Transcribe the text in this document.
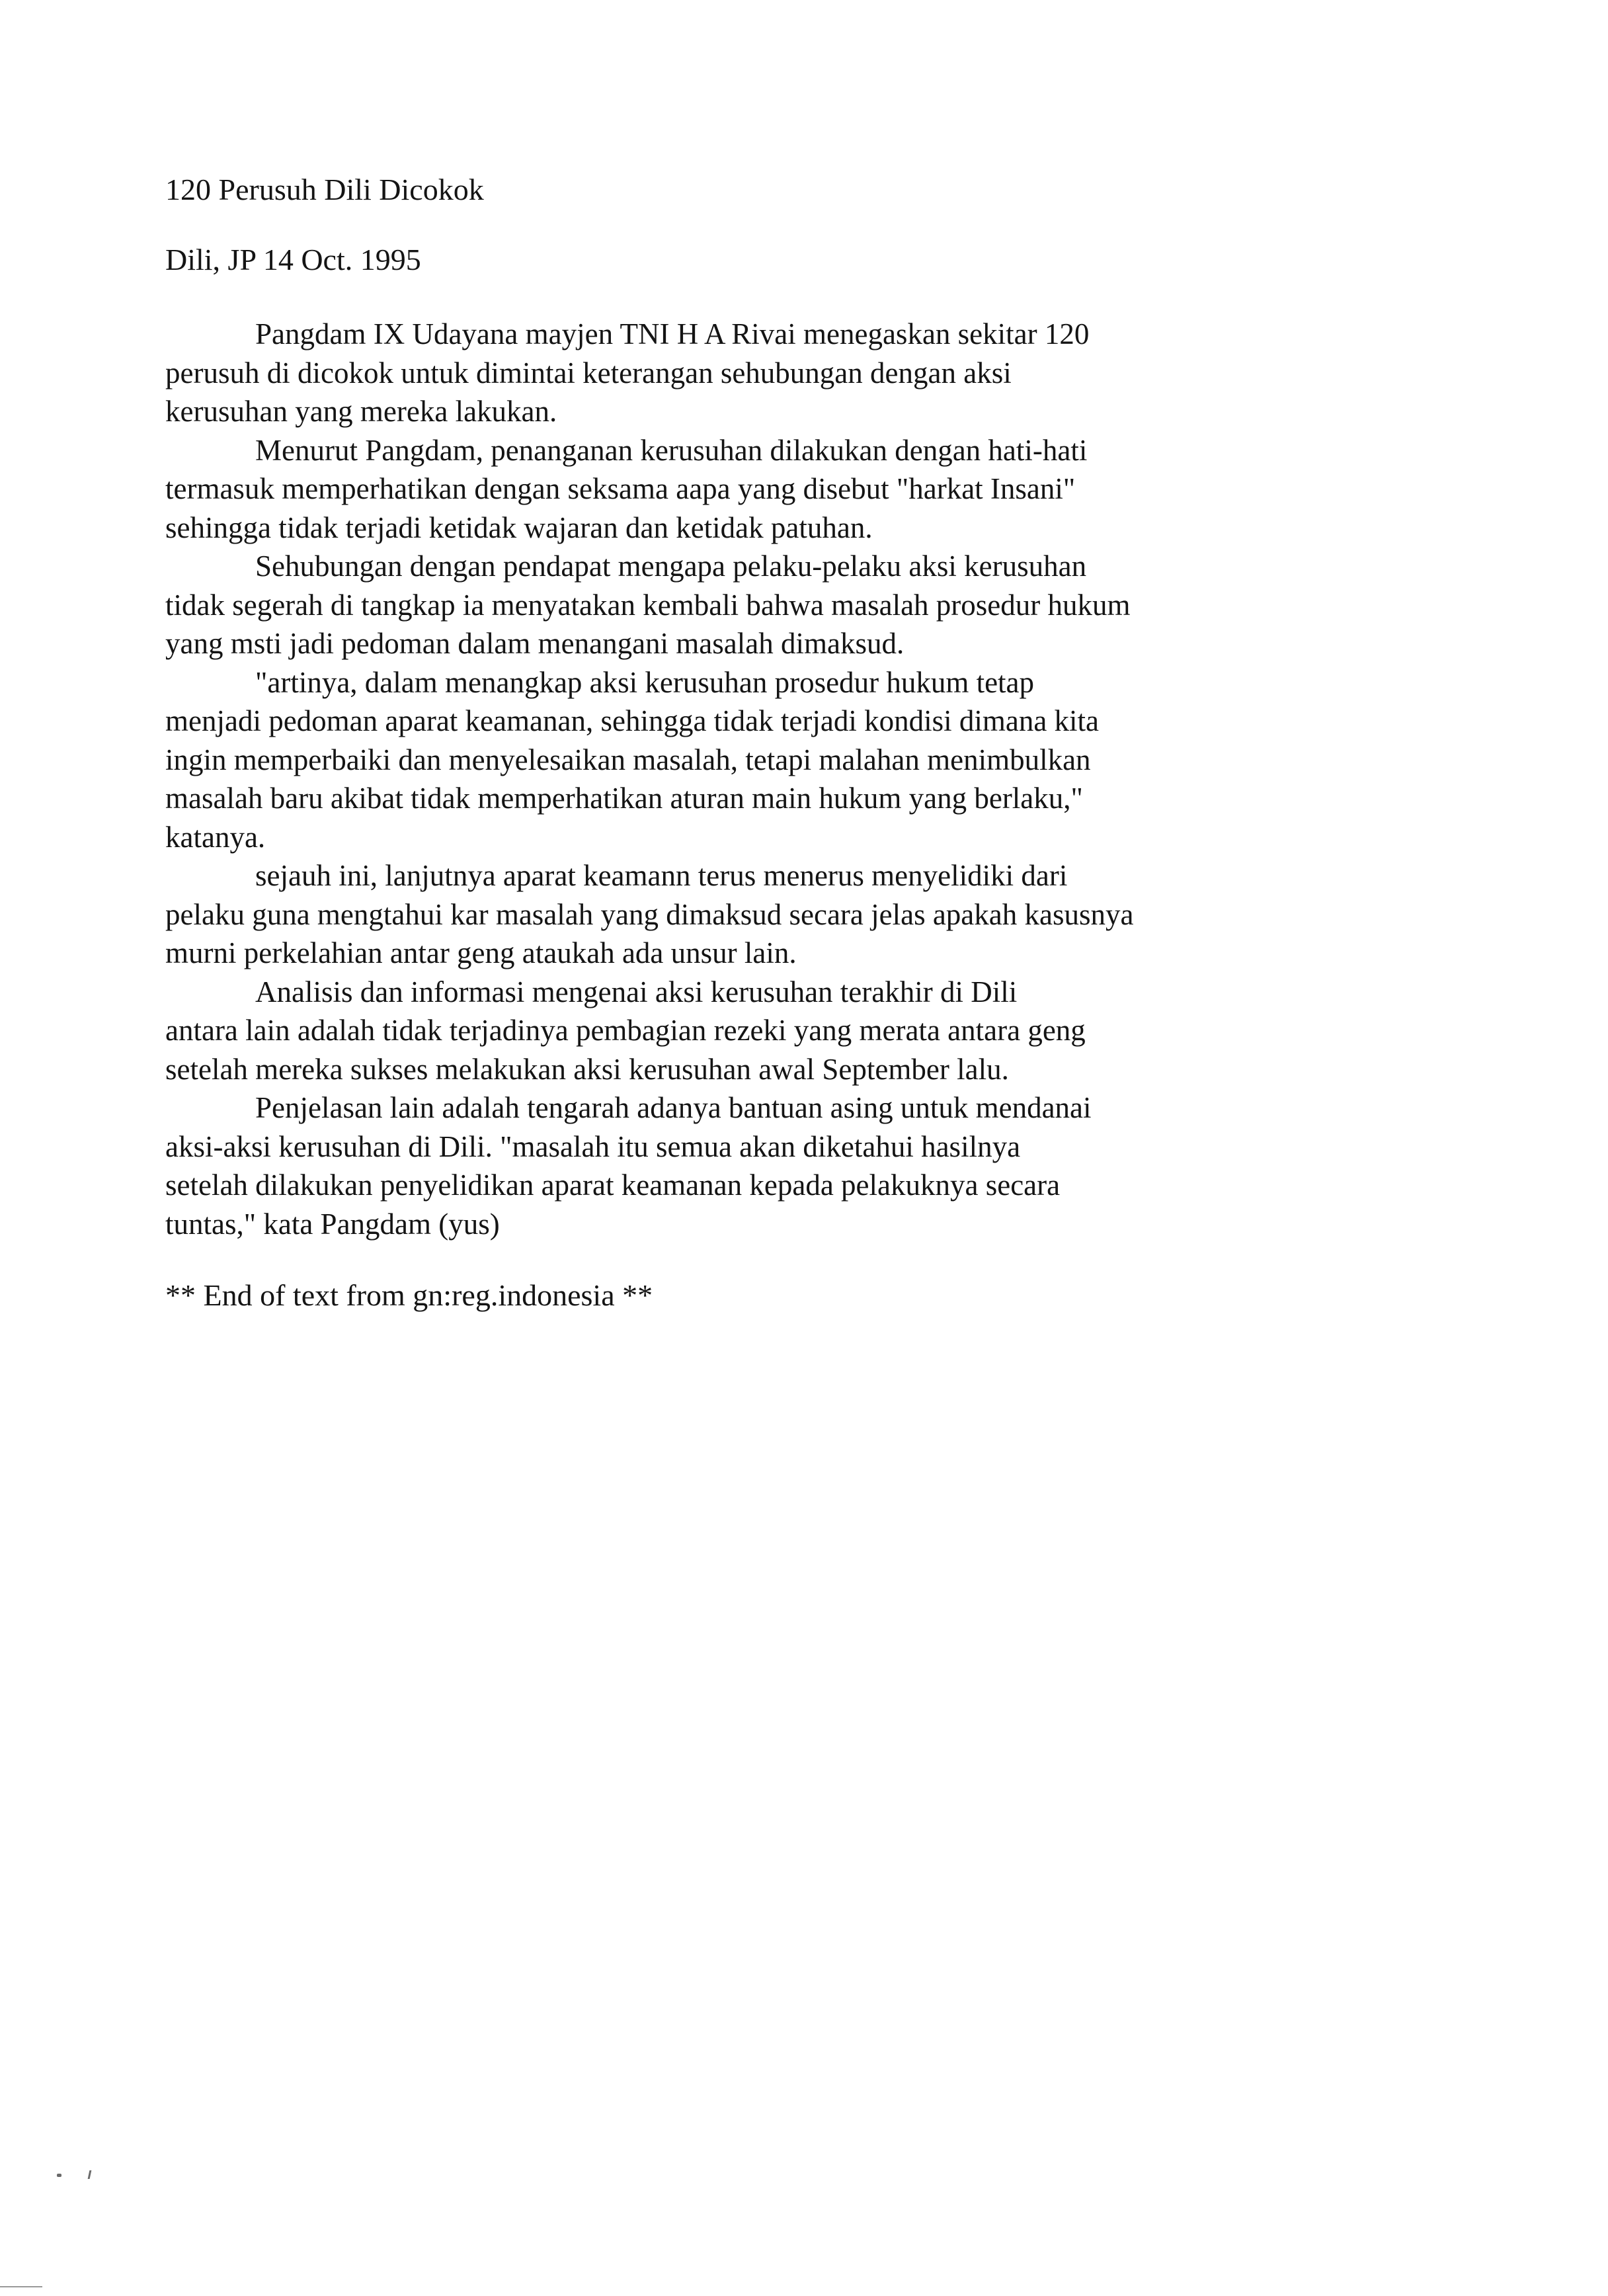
120 Perusuh Dili Dicokok

Dili, JP 14 Oct. 1995

Pangdam IX Udayana mayjen TNI H A Rivai menegaskan sekitar 120
perusuh di dicokok untuk dimintai keterangan sehubungan dengan aksi
kerusuhan yang mereka lakukan.
Menurut Pangdam, penanganan kerusuhan dilakukan dengan hati-hati
termasuk memperhatikan dengan seksama aapa yang disebut "harkat Insani"
sehingga tidak terjadi ketidak wajaran dan ketidak patuhan.
Sehubungan dengan pendapat mengapa pelaku-pelaku aksi kerusuhan
tidak segerah di tangkap ia menyatakan kembali bahwa masalah prosedur hukum
yang msti jadi pedoman dalam menangani masalah dimaksud.
"artinya, dalam menangkap aksi kerusuhan prosedur hukum tetap
menjadi pedoman aparat keamanan, sehingga tidak terjadi kondisi dimana kita
ingin memperbaiki dan menyelesaikan masalah, tetapi malahan menimbulkan
masalah baru akibat tidak memperhatikan aturan main hukum yang berlaku,"
katanya.
sejauh ini, lanjutnya aparat keamann terus menerus menyelidiki dari
pelaku guna mengtahui kar masalah yang dimaksud secara jelas apakah kasusnya
murni perkelahian antar geng ataukah ada unsur lain.
Analisis dan informasi mengenai aksi kerusuhan terakhir di Dili
antara lain adalah tidak terjadinya pembagian rezeki yang merata antara geng
setelah mereka sukses melakukan aksi kerusuhan awal September lalu.
Penjelasan lain adalah tengarah adanya bantuan asing untuk mendanai
aksi-aksi kerusuhan di Dili. "masalah itu semua akan diketahui hasilnya
setelah dilakukan penyelidikan aparat keamanan kepada pelakuknya secara
tuntas," kata Pangdam (yus)

** End of text from gn:reg.indonesia **
